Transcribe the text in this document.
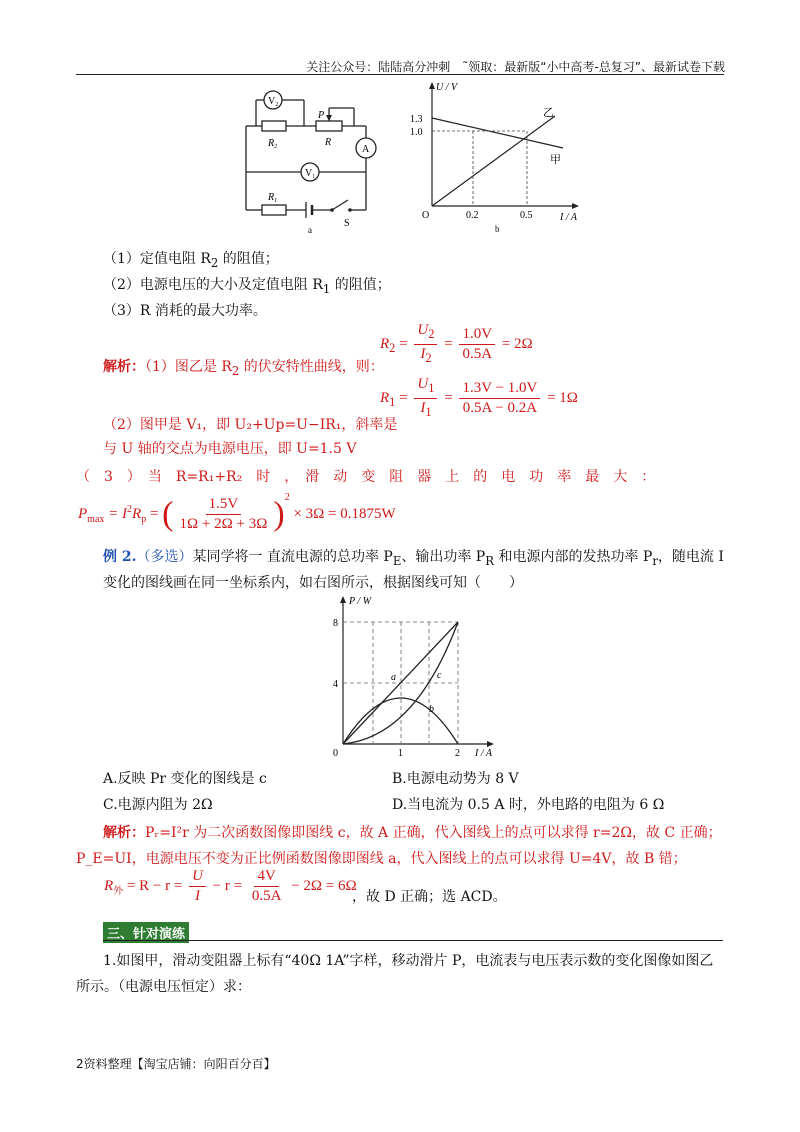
关注公众号：陆陆高分冲刺　˜领取：最新版“小中高考-总复习”、最新试卷下载
$V_2$
P
R
$R_2$	A
$V_1$
$R_1$
S
a
U / V
I / A
1.3
1.0
0.2	0.5
乙
甲
O
b
（1）定值电阻 $R_2$ 的阻值；
（2）电源电压的大小及定值电阻 $R_1$ 的阻值；
（3）R 消耗的最大功率。
$R_2 = \frac{U_2}{I_2} = \frac{1.0V}{0.5A} = 2\Omega$
解析：（1）图乙是 $R_2$ 的伏安特性曲线，则：
$R_1 = \frac{U_1}{I_1} = \frac{1.3V - 1.0V}{0.5A - 0.2A} = 1\Omega$
（2）图甲是 V₁，即 U₂+Up=U−IR₁，斜率是
与 U 轴的交点为电源电压，即 U=1.5 V
（　3　）　当　R=R₁+R₂　时　，　滑　动　变　阻　器　上　的　电　功　率　最　大　：
$P_{max} = I^2R_p$ = ( $\frac{1.5V}{1\Omega + 2\Omega + 3\Omega} )^2 \times 3\Omega = 0.1875W$
例 2.（多选）某同学将一 直流电源的总功率 $P_E$、输出功率 $P_R$ 和电源内部的发热功率 $P_r$，随电流 I
变化的图线画在同一坐标系内，如右图所示，根据图线可知（　　）
P / W
I / A
8
4
1	2
0
a	c
b
A.反映 Pr 变化的图线是 c	B.电源电动势为 8 V
C.电源内阻为 2Ω	D.当电流为 0.5 A 时，外电路的电阻为 6 Ω
解析：Pᵣ=I²r 为二次函数图像即图线 c，故 A 正确，代入图线上的点可以求得 r=2Ω，故 C 正确；
P_E=UI，电源电压不变为正比例函数图像即图线 a，代入图线上的点可以求得 U=4V，故 B 错；
$R_外 = R - r = \frac{U}{I} - r = \frac{4V}{0.5A} - 2\Omega = 6\Omega$
，故 D 正确；选 ACD。
三、针对演练
1.如图甲，滑动变阻器上标有“40Ω 1A”字样，移动滑片 P，电流表与电压表示数的变化图像如图乙
所示。（电源电压恒定）求：
2资料整理【淘宝店铺：向阳百分百】
